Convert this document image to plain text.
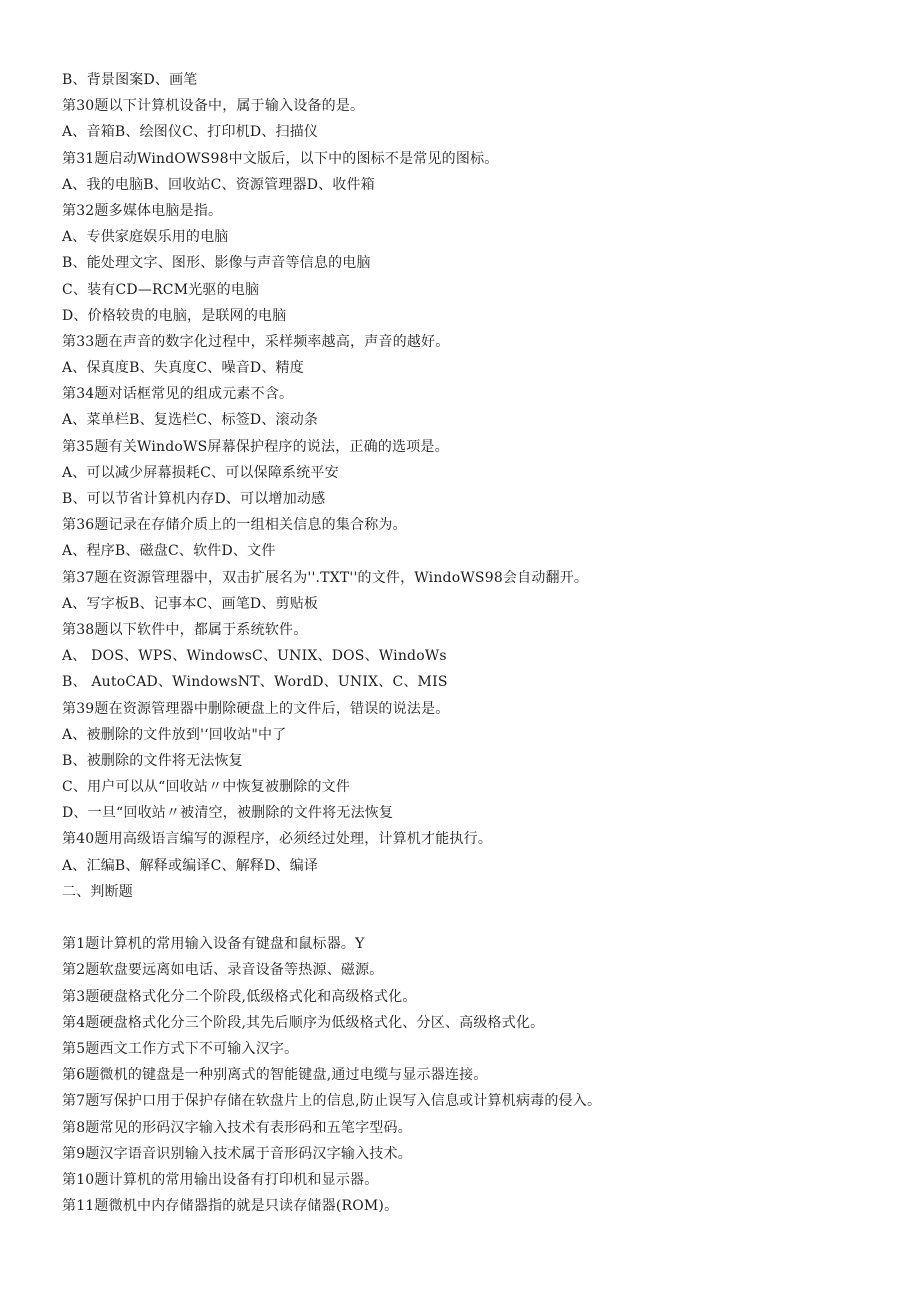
B、背景图案D、画笔
第30题以下计算机设备中，属于输入设备的是。
A、音箱B、绘图仪C、打印机D、扫描仪
第31题启动WindOWS98中文版后，以下中的图标不是常见的图标。
A、我的电脑B、回收站C、资源管理器D、收件箱
第32题多媒体电脑是指。
A、专供家庭娱乐用的电脑
B、能处理文字、图形、影像与声音等信息的电脑
C、装有CD—RCM光驱的电脑
D、价格较贵的电脑，是联网的电脑
第33题在声音的数字化过程中，采样频率越高，声音的越好。
A、保真度B、失真度C、噪音D、精度
第34题对话框常见的组成元素不含。
A、菜单栏B、复选栏C、标签D、滚动条
第35题有关WindoWS屏幕保护程序的说法，正确的选项是。
A、可以减少屏幕损耗C、可以保障系统平安
B、可以节省计算机内存D、可以增加动感
第36题记录在存储介质上的一组相关信息的集合称为。
A、程序B、磁盘C、软件D、文件
第37题在资源管理器中，双击扩展名为''.TXT''的文件，WindoWS98会自动翻开。
A、写字板B、记事本C、画笔D、剪贴板
第38题以下软件中，都属于系统软件。
A、 DOS、WPS、WindowsC、UNIX、DOS、WindoWs
B、 AutoCAD、WindowsNT、WordD、UNIX、C、MIS
第39题在资源管理器中删除硬盘上的文件后，错误的说法是。
A、被删除的文件放到'‘回收站"中了
B、被删除的文件将无法恢复
C、用户可以从“回收站〃中恢复被删除的文件
D、一旦“回收站〃被清空，被删除的文件将无法恢复
第40题用高级语言编写的源程序，必须经过处理，计算机才能执行。
A、汇编B、解释或编译C、解释D、编译
二、判断题
第1题计算机的常用输入设备有键盘和鼠标器。Y
第2题软盘要远离如电话、录音设备等热源、磁源。
第3题硬盘格式化分二个阶段,低级格式化和高级格式化。
第4题硬盘格式化分三个阶段,其先后顺序为低级格式化、分区、高级格式化。
第5题西文工作方式下不可输入汉字。
第6题微机的键盘是一种别离式的智能键盘,通过电缆与显示器连接。
第7题写保护口用于保护存储在软盘片上的信息,防止误写入信息或计算机病毒的侵入。
第8题常见的形码汉字输入技术有表形码和五笔字型码。
第9题汉字语音识别输入技术属于音形码汉字输入技术。
第10题计算机的常用输出设备有打印机和显示器。
第11题微机中内存储器指的就是只读存储器(ROM)。
